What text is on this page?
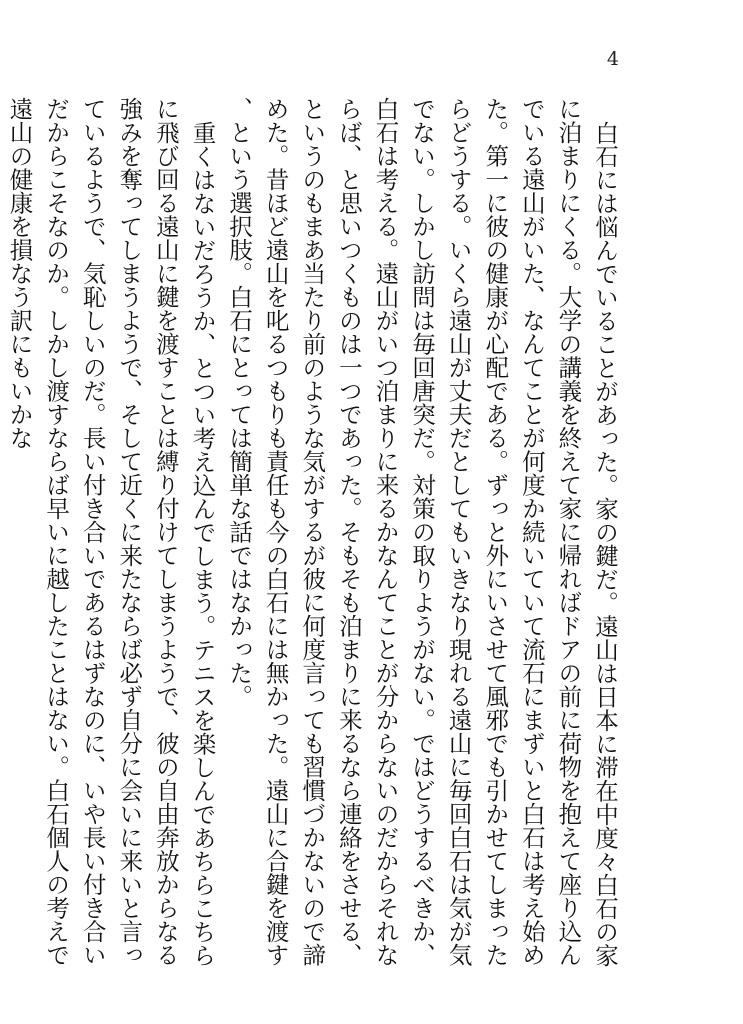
4

白石には悩んでいることがあった。家の鍵だ。遠山は日本に滞在中度々白石の家に泊まりにくる。大学の講義を終えて家に帰ればドアの前に荷物を抱えて座り込んでいる遠山がいた、なんてことが何度か続いていて流石にまずいと白石は考え始めた。第一に彼の健康が心配である。ずっと外にいさせて風邪でも引かせてしまったらどうする。いくら遠山が丈夫だとしてもいきなり現れる遠山に毎回白石は気が気でない。しかし訪問は毎回唐突だ。対策の取りようがない。ではどうするべきか、白石は考える。遠山がいつ泊まりに来るかなんてことが分からないのだからそれならば、と思いつくものは一つであった。そもそも泊まりに来るなら連絡をさせる、というのもまあ当たり前のような気がするが彼に何度言っても習慣づかないので諦めた。昔ほど遠山を叱るつもりも責任も今の白石には無かった。遠山に合鍵を渡す、という選択肢。白石にとっては簡単な話ではなかった。

重くはないだろうか、とつい考え込んでしまう。テニスを楽しんであちらこちらに飛び回る遠山に鍵を渡すことは縛り付けてしまうようで、彼の自由奔放からなる強みを奪ってしまうようで、そして近くに来たならば必ず自分に会いに来いと言っているようで、気恥しいのだ。長い付き合いであるはずなのに、いや長い付き合いだからこそなのか。しかし渡すならば早いに越したことはない。白石個人の考えで遠山の健康を損なう訳にもいかな
